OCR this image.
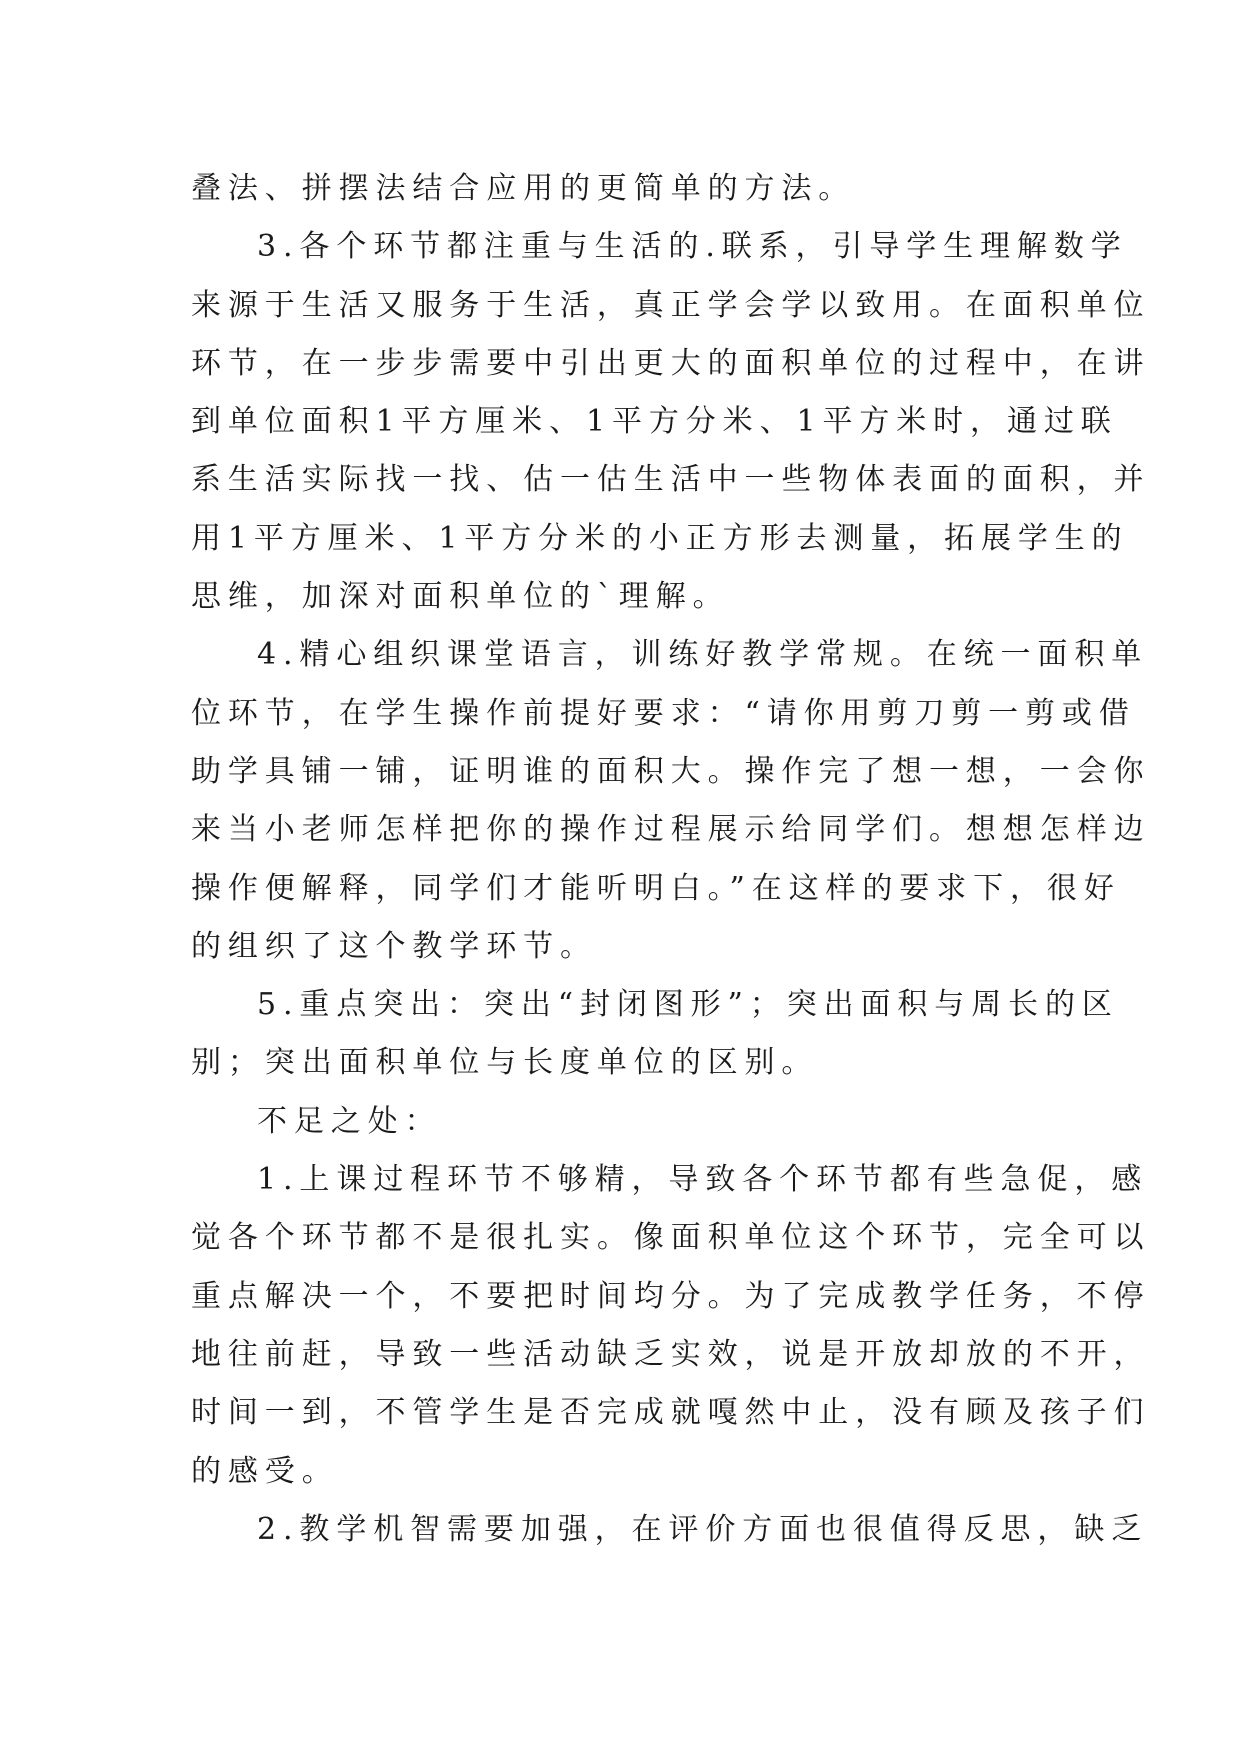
叠法、拼摆法结合应用的更简单的方法。
3.各个环节都注重与生活的.联系，引导学生理解数学
来源于生活又服务于生活，真正学会学以致用。在面积单位
环节，在一步步需要中引出更大的面积单位的过程中，在讲
到单位面积1平方厘米、1平方分米、1平方米时，通过联
系生活实际找一找、估一估生活中一些物体表面的面积，并
用1平方厘米、1平方分米的小正方形去测量，拓展学生的
思维，加深对面积单位的`理解。
4.精心组织课堂语言，训练好教学常规。在统一面积单
位环节，在学生操作前提好要求：“请你用剪刀剪一剪或借
助学具铺一铺，证明谁的面积大。操作完了想一想，一会你
来当小老师怎样把你的操作过程展示给同学们。想想怎样边
操作便解释，同学们才能听明白。”在这样的要求下，很好
的组织了这个教学环节。
5.重点突出：突出“封闭图形”；突出面积与周长的区
别；突出面积单位与长度单位的区别。
不足之处：
1.上课过程环节不够精，导致各个环节都有些急促，感
觉各个环节都不是很扎实。像面积单位这个环节，完全可以
重点解决一个，不要把时间均分。为了完成教学任务，不停
地往前赶，导致一些活动缺乏实效，说是开放却放的不开，
时间一到，不管学生是否完成就嘎然中止，没有顾及孩子们
的感受。
2.教学机智需要加强，在评价方面也很值得反思，缺乏
